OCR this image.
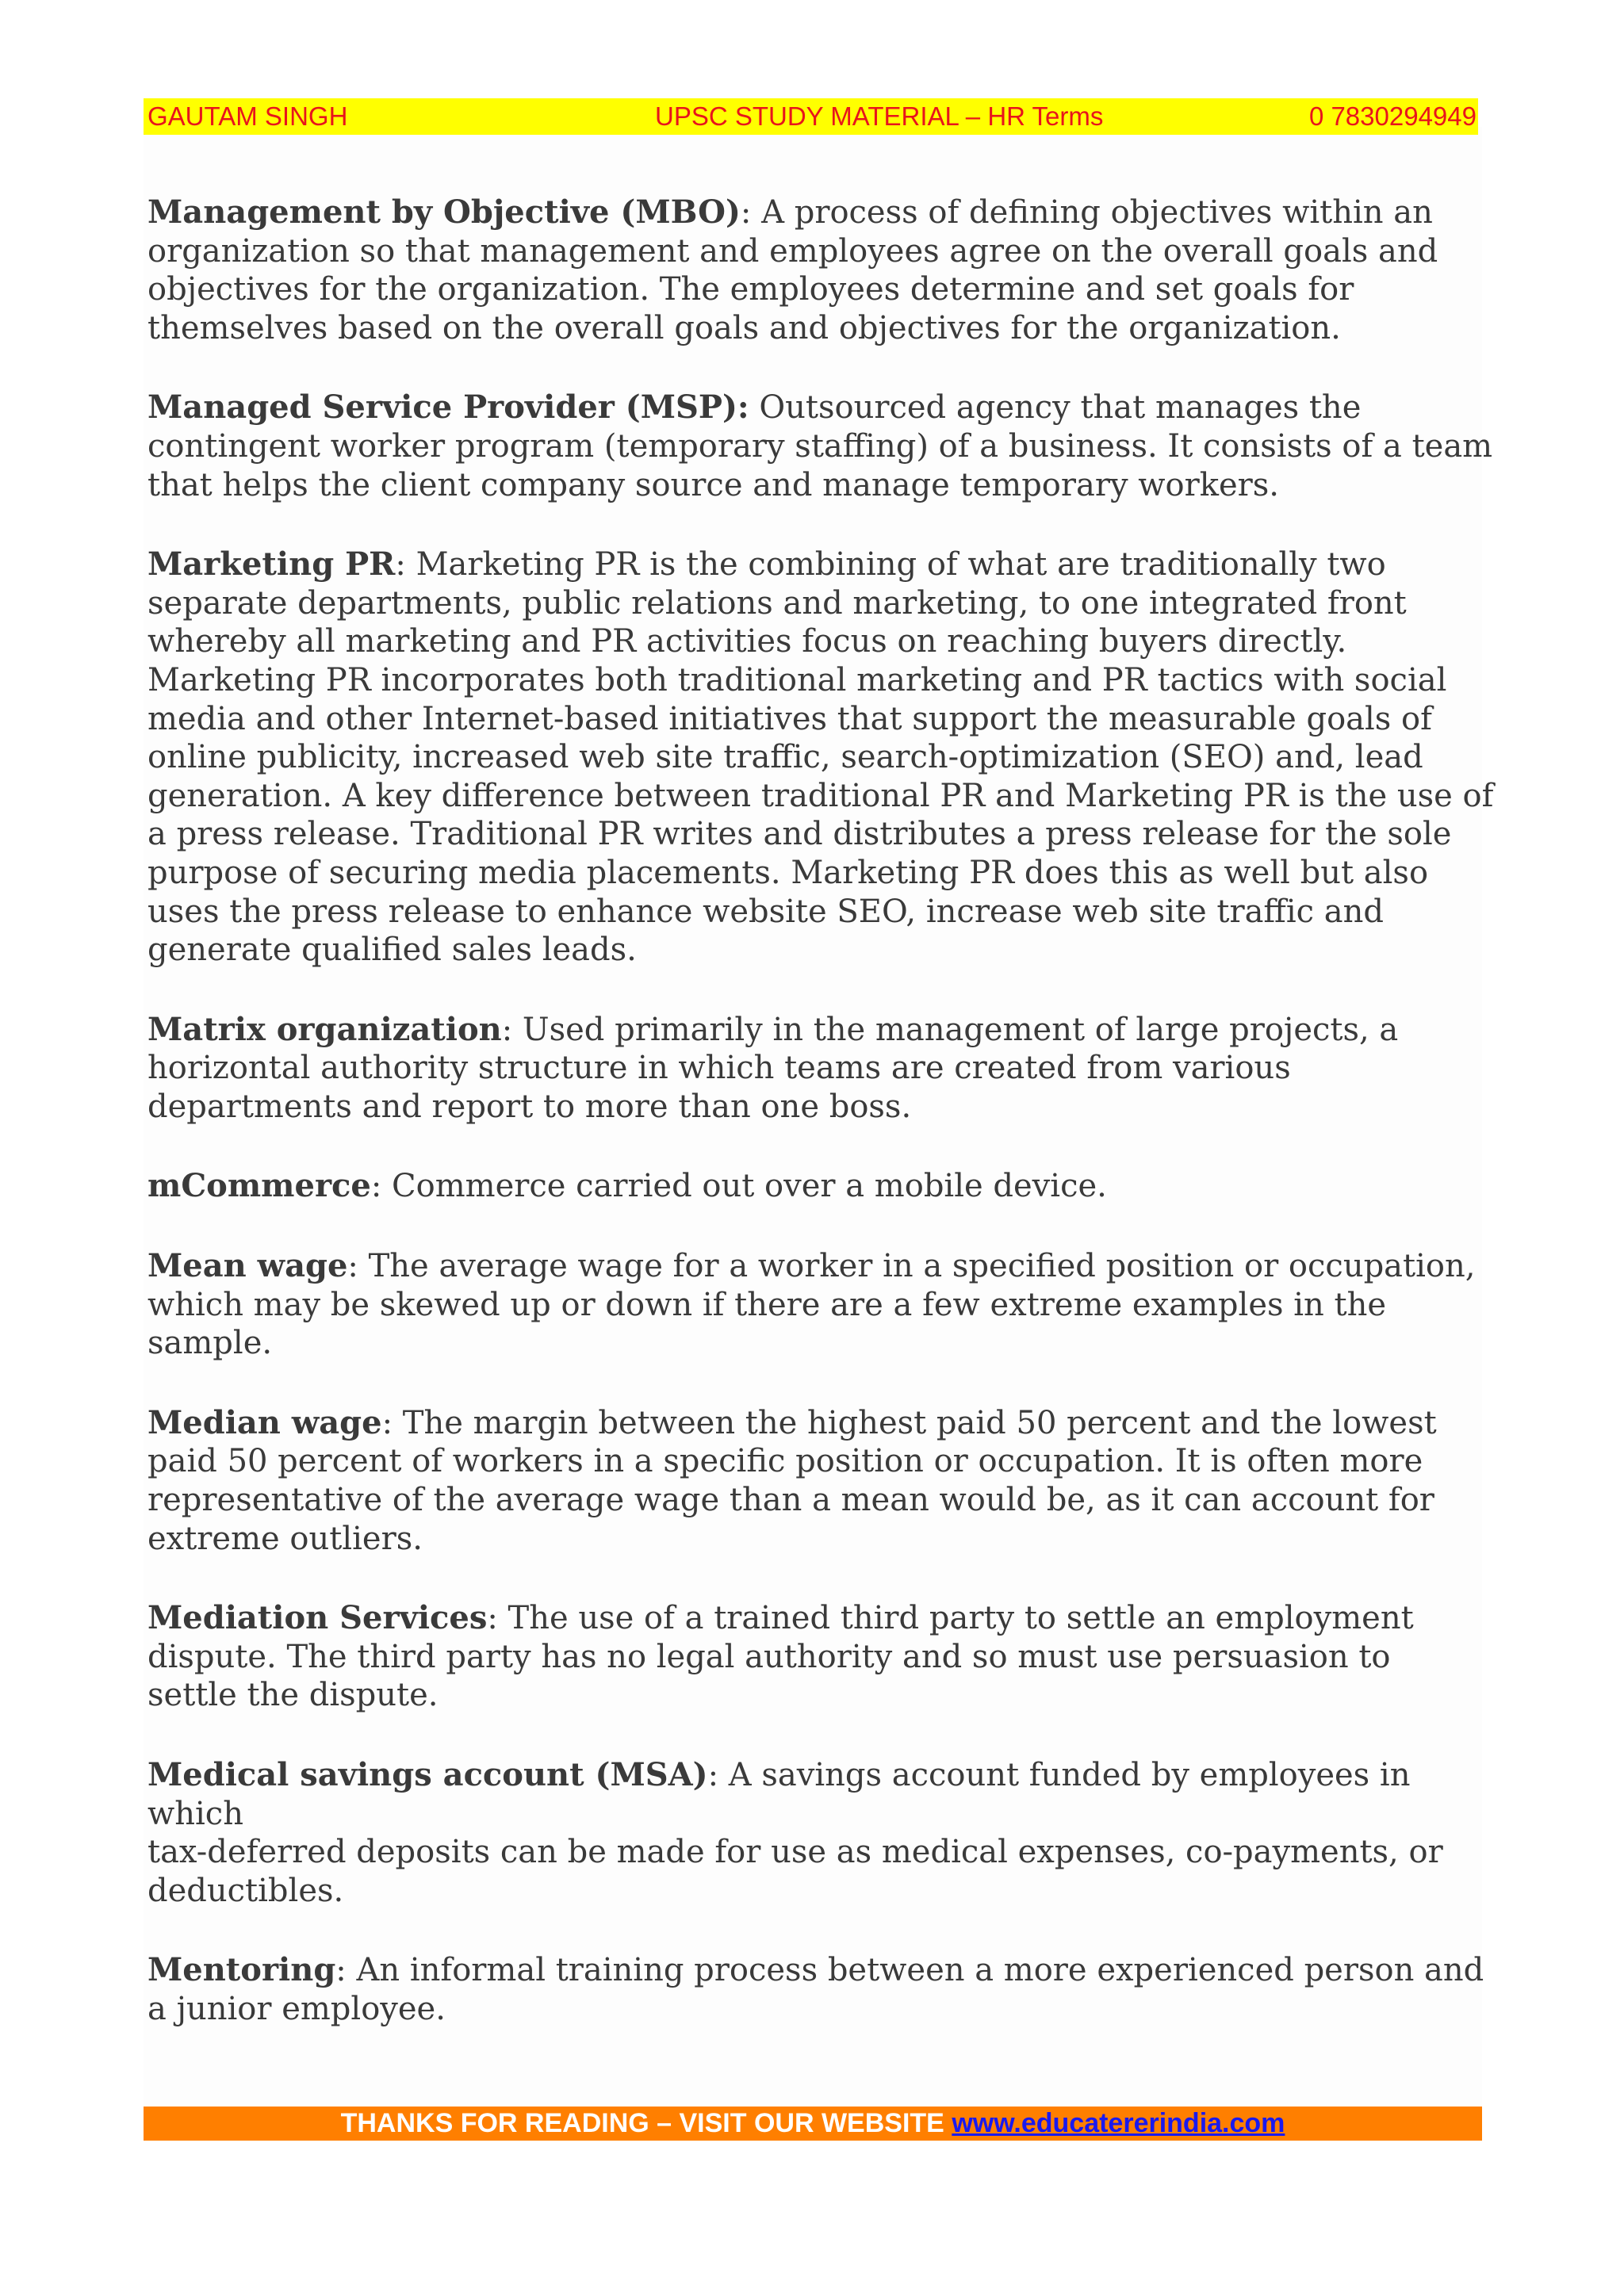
GAUTAM SINGH	UPSC STUDY MATERIAL – HR Terms	0 7830294949

Management by Objective (MBO): A process of defining objectives within an
organization so that management and employees agree on the overall goals and
objectives for the organization. The employees determine and set goals for
themselves based on the overall goals and objectives for the organization.

Managed Service Provider (MSP): Outsourced agency that manages the
contingent worker program (temporary staffing) of a business. It consists of a team
that helps the client company source and manage temporary workers.

Marketing PR: Marketing PR is the combining of what are traditionally two
separate departments, public relations and marketing, to one integrated front
whereby all marketing and PR activities focus on reaching buyers directly.
Marketing PR incorporates both traditional marketing and PR tactics with social
media and other Internet-based initiatives that support the measurable goals of
online publicity, increased web site traffic, search-optimization (SEO) and, lead
generation. A key difference between traditional PR and Marketing PR is the use of
a press release. Traditional PR writes and distributes a press release for the sole
purpose of securing media placements. Marketing PR does this as well but also
uses the press release to enhance website SEO, increase web site traffic and
generate qualified sales leads.

Matrix organization: Used primarily in the management of large projects, a
horizontal authority structure in which teams are created from various
departments and report to more than one boss.

mCommerce: Commerce carried out over a mobile device.

Mean wage: The average wage for a worker in a specified position or occupation,
which may be skewed up or down if there are a few extreme examples in the
sample.

Median wage: The margin between the highest paid 50 percent and the lowest
paid 50 percent of workers in a specific position or occupation. It is often more
representative of the average wage than a mean would be, as it can account for
extreme outliers.

Mediation Services: The use of a trained third party to settle an employment
dispute. The third party has no legal authority and so must use persuasion to
settle the dispute.

Medical savings account (MSA): A savings account funded by employees in which
tax-deferred deposits can be made for use as medical expenses, co-payments, or
deductibles.

Mentoring: An informal training process between a more experienced person and
a junior employee.

THANKS FOR READING – VISIT OUR WEBSITE www.educatererindia.com
